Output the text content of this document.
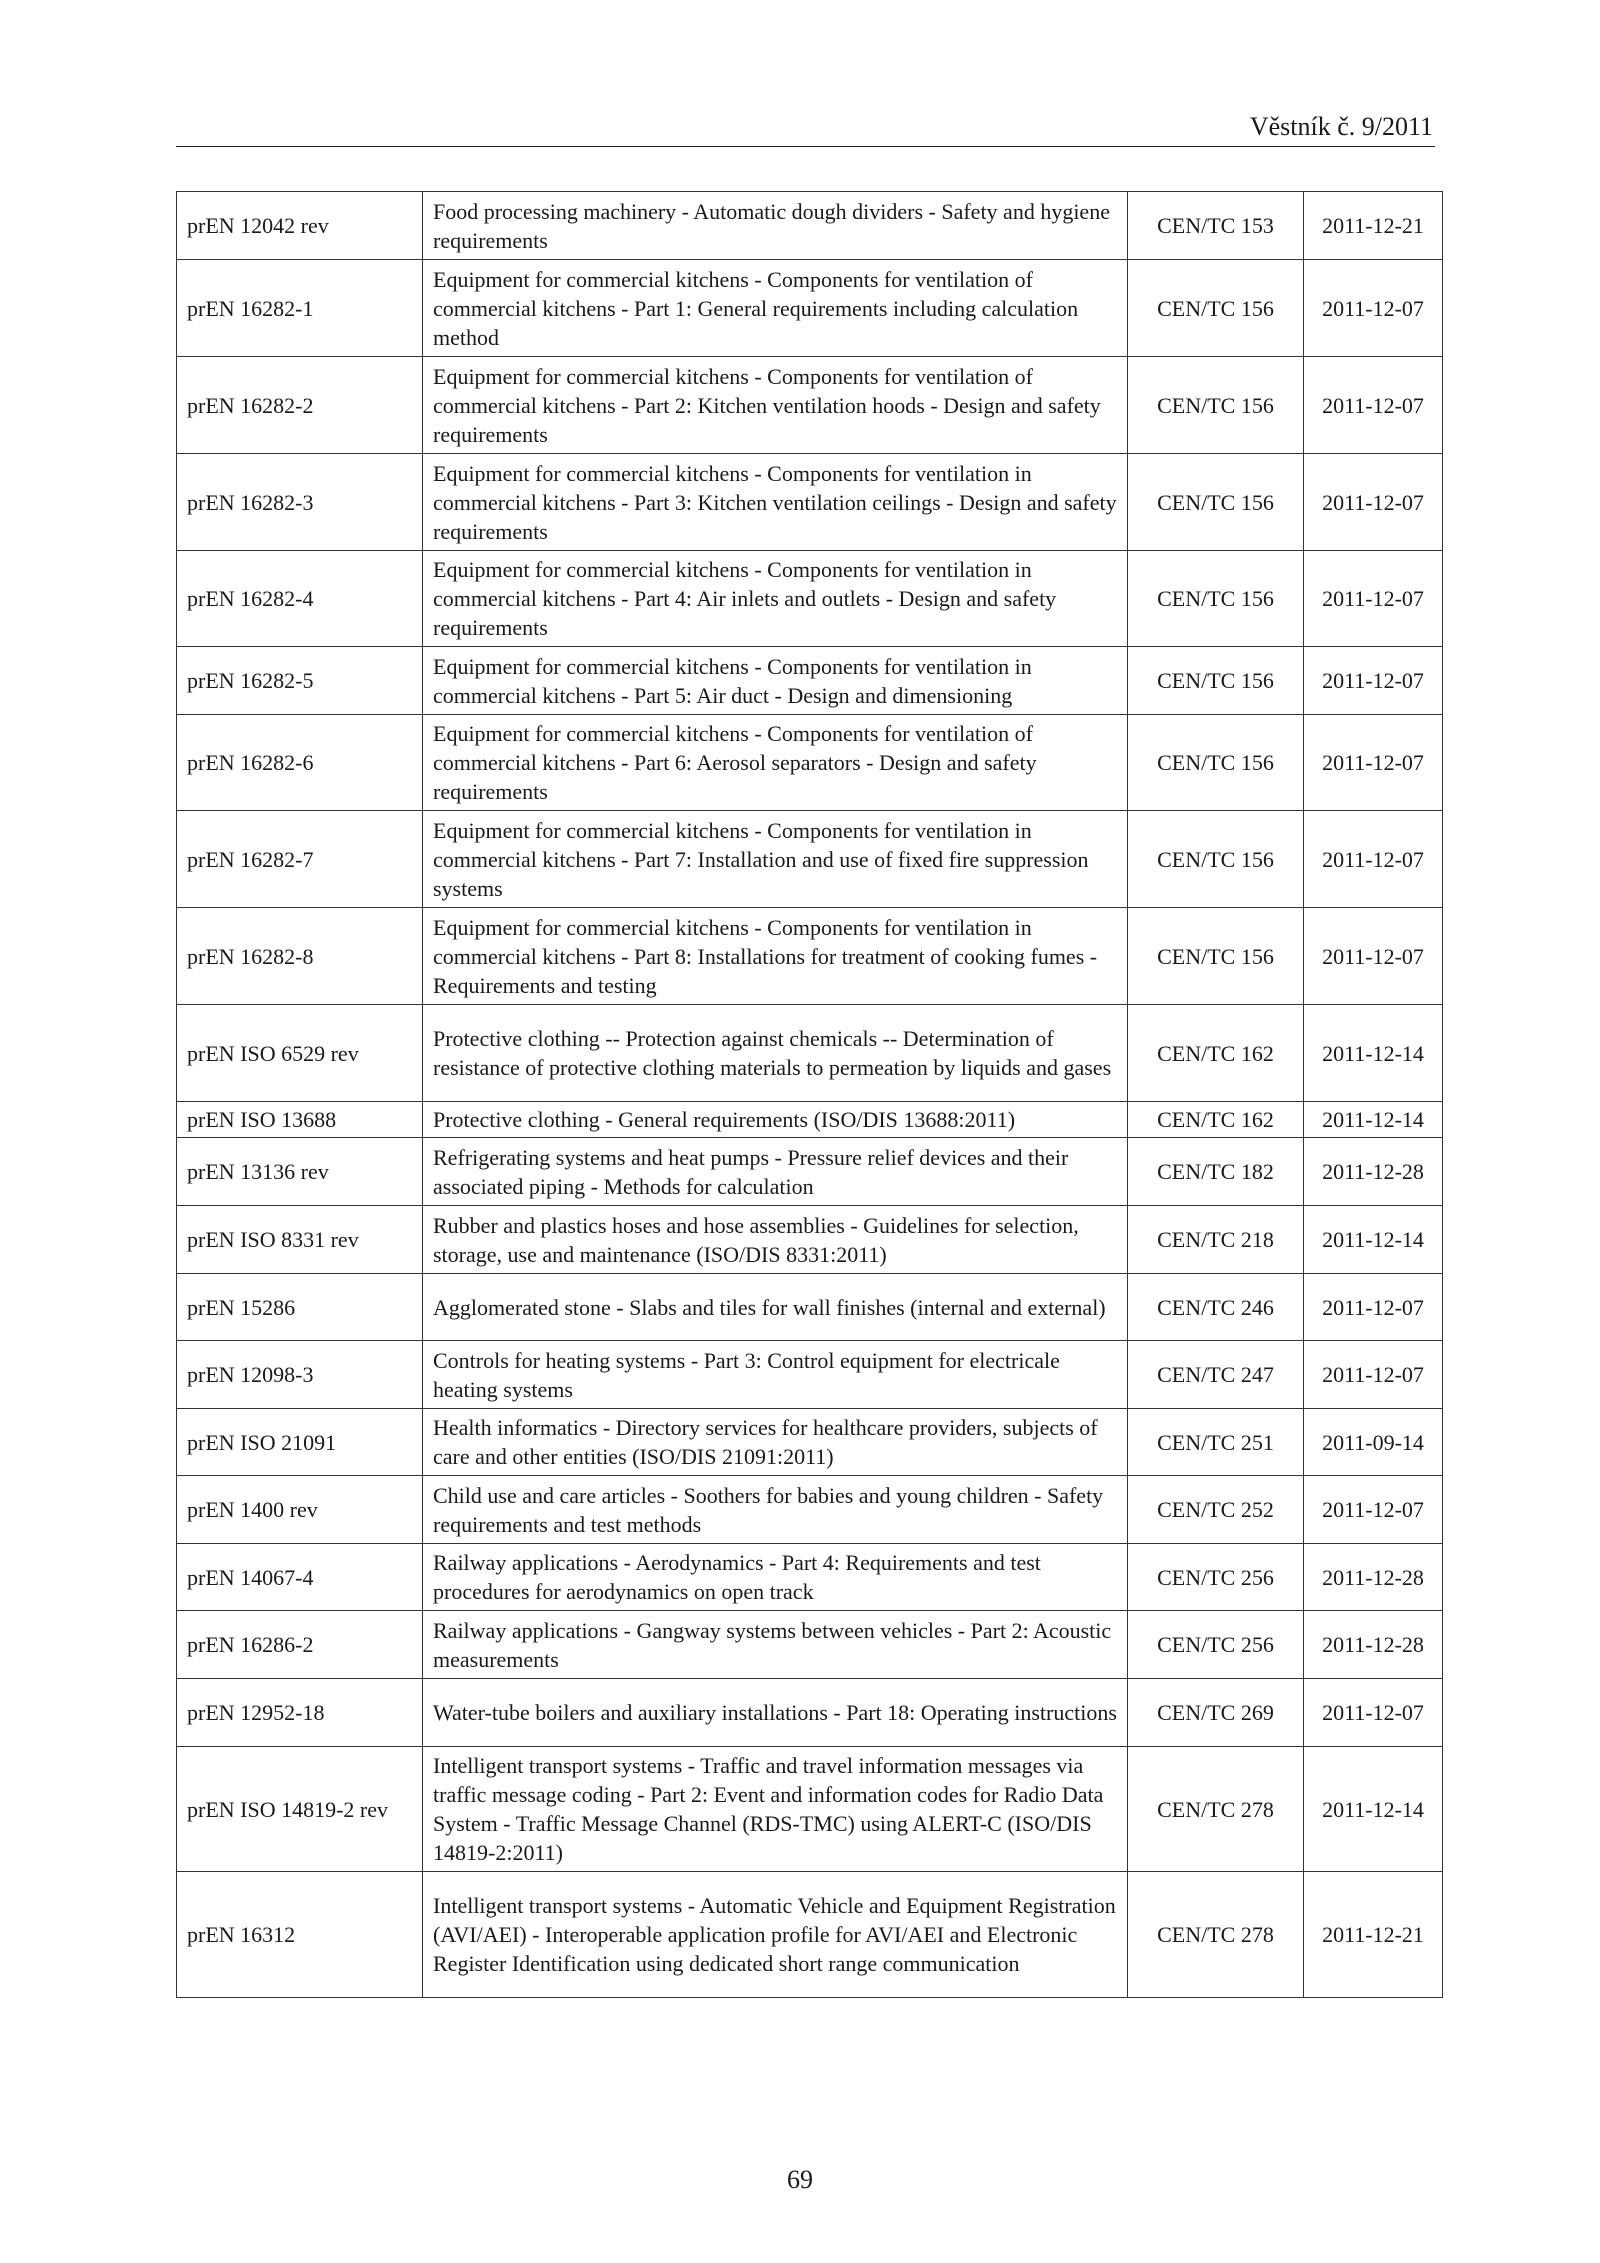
Věstník č. 9/2011
prEN 12042 rev	Food processing machinery - Automatic dough dividers - Safety and hygiene requirements	CEN/TC 153	2011-12-21
prEN 16282-1	Equipment for commercial kitchens - Components for ventilation of commercial kitchens - Part 1: General requirements including calculation method	CEN/TC 156	2011-12-07
prEN 16282-2	Equipment for commercial kitchens - Components for ventilation of commercial kitchens - Part 2: Kitchen ventilation hoods - Design and safety requirements	CEN/TC 156	2011-12-07
prEN 16282-3	Equipment for commercial kitchens - Components for ventilation in commercial kitchens - Part 3: Kitchen ventilation ceilings - Design and safety requirements	CEN/TC 156	2011-12-07
prEN 16282-4	Equipment for commercial kitchens - Components for ventilation in commercial kitchens - Part 4: Air inlets and outlets - Design and safety requirements	CEN/TC 156	2011-12-07
prEN 16282-5	Equipment for commercial kitchens - Components for ventilation in commercial kitchens - Part 5: Air duct - Design and dimensioning	CEN/TC 156	2011-12-07
prEN 16282-6	Equipment for commercial kitchens - Components for ventilation of commercial kitchens - Part 6: Aerosol separators - Design and safety requirements	CEN/TC 156	2011-12-07
prEN 16282-7	Equipment for commercial kitchens - Components for ventilation in commercial kitchens - Part 7: Installation and use of fixed fire suppression systems	CEN/TC 156	2011-12-07
prEN 16282-8	Equipment for commercial kitchens - Components for ventilation in commercial kitchens - Part 8: Installations for treatment of cooking fumes - Requirements and testing	CEN/TC 156	2011-12-07
prEN ISO 6529 rev	Protective clothing -- Protection against chemicals -- Determination of resistance of protective clothing materials to permeation by liquids and gases	CEN/TC 162	2011-12-14
prEN ISO 13688	Protective clothing - General requirements (ISO/DIS 13688:2011)	CEN/TC 162	2011-12-14
prEN 13136 rev	Refrigerating systems and heat pumps - Pressure relief devices and their associated piping - Methods for calculation	CEN/TC 182	2011-12-28
prEN ISO 8331 rev	Rubber and plastics hoses and hose assemblies - Guidelines for selection, storage, use and maintenance (ISO/DIS 8331:2011)	CEN/TC 218	2011-12-14
prEN 15286	Agglomerated stone - Slabs and tiles for wall finishes (internal and external)	CEN/TC 246	2011-12-07
prEN 12098-3	Controls for heating systems - Part 3: Control equipment for electricale heating systems	CEN/TC 247	2011-12-07
prEN ISO 21091	Health informatics - Directory services for healthcare providers, subjects of care and other entities (ISO/DIS 21091:2011)	CEN/TC 251	2011-09-14
prEN 1400 rev	Child use and care articles - Soothers for babies and young children - Safety requirements and test methods	CEN/TC 252	2011-12-07
prEN 14067-4	Railway applications - Aerodynamics - Part 4: Requirements and test procedures for aerodynamics on open track	CEN/TC 256	2011-12-28
prEN 16286-2	Railway applications - Gangway systems between vehicles - Part 2: Acoustic measurements	CEN/TC 256	2011-12-28
prEN 12952-18	Water-tube boilers and auxiliary installations - Part 18: Operating instructions	CEN/TC 269	2011-12-07
prEN ISO 14819-2 rev	Intelligent transport systems - Traffic and travel information messages via traffic message coding - Part 2: Event and information codes for Radio Data System - Traffic Message Channel (RDS-TMC) using ALERT-C (ISO/DIS 14819-2:2011)	CEN/TC 278	2011-12-14
prEN 16312	Intelligent transport systems - Automatic Vehicle and Equipment Registration (AVI/AEI) - Interoperable application profile for AVI/AEI and Electronic Register Identification using dedicated short range communication	CEN/TC 278	2011-12-21
69
